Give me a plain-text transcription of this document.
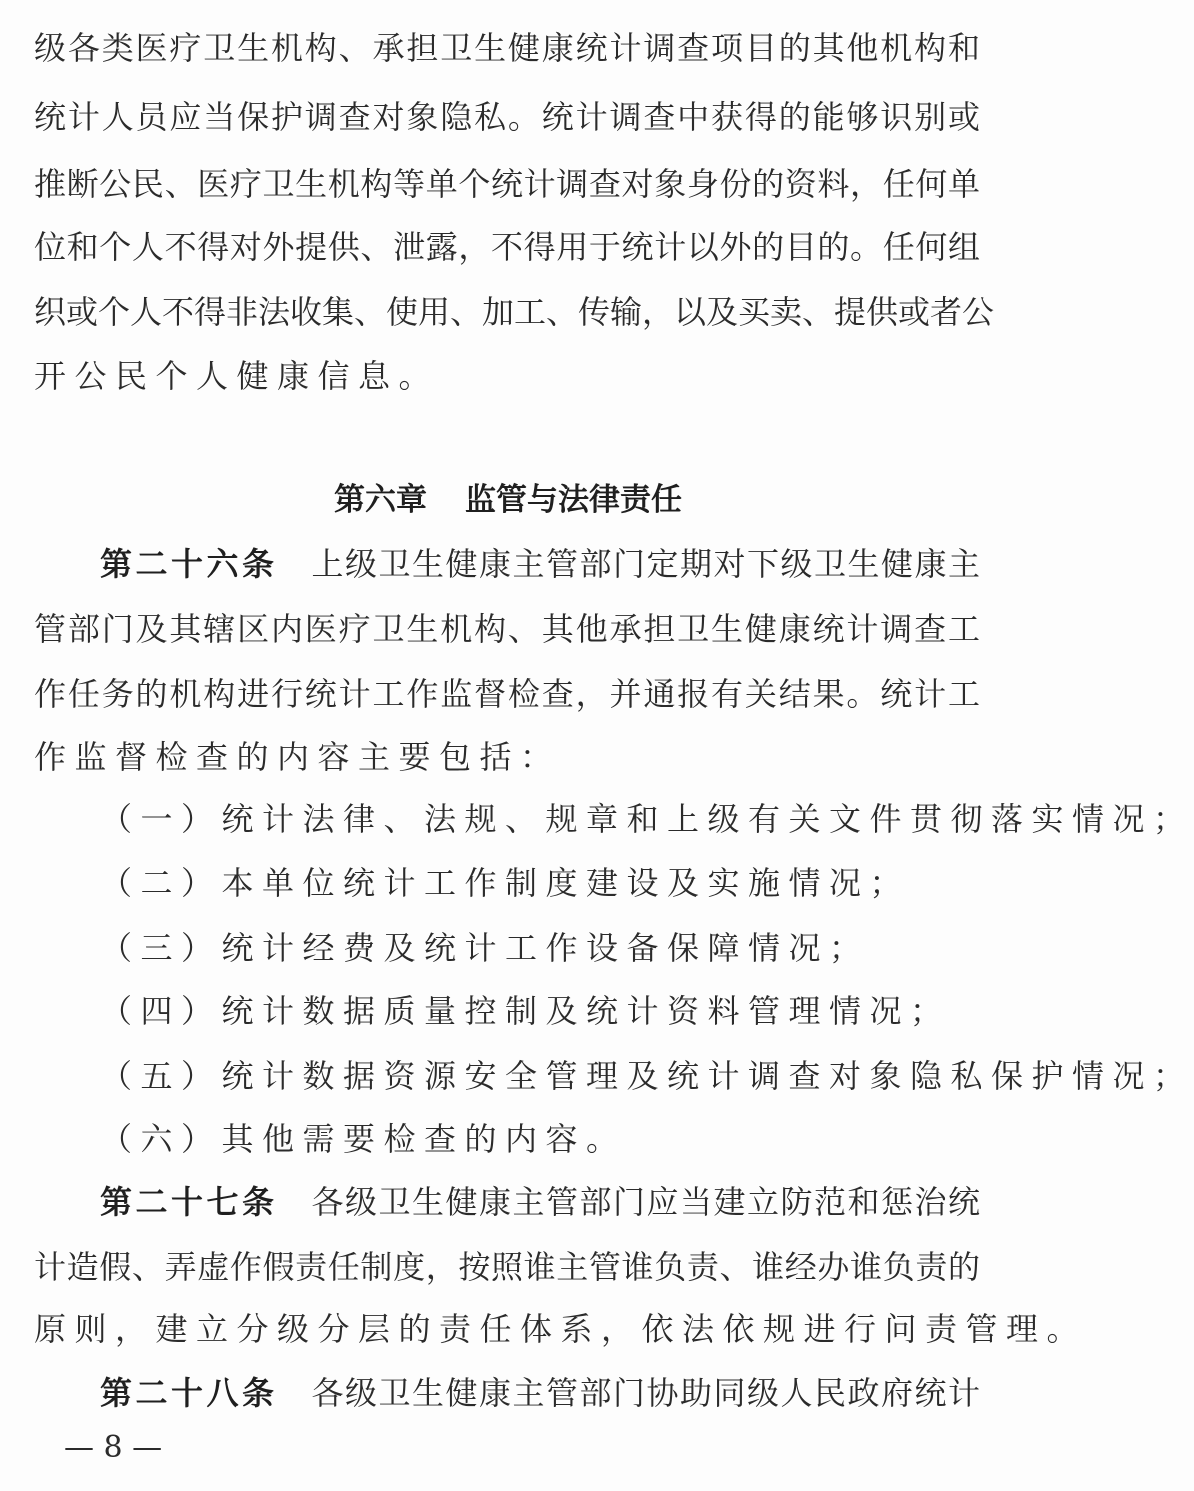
级各类医疗卫生机构、承担卫生健康统计调查项目的其他机构和
统计人员应当保护调查对象隐私。统计调查中获得的能够识别或
推断公民、医疗卫生机构等单个统计调查对象身份的资料，任何单
位和个人不得对外提供、泄露，不得用于统计以外的目的。任何组
织或个人不得非法收集、使用、加工、传输，以及买卖、提供或者公
开公民个人健康信息。
第六章 监管与法律责任
第二十六条 上级卫生健康主管部门定期对下级卫生健康主
管部门及其辖区内医疗卫生机构、其他承担卫生健康统计调查工
作任务的机构进行统计工作监督检查，并通报有关结果。统计工
作监督检查的内容主要包括：
（一）统计法律、法规、规章和上级有关文件贯彻落实情况；
（二）本单位统计工作制度建设及实施情况；
（三）统计经费及统计工作设备保障情况；
（四）统计数据质量控制及统计资料管理情况；
（五）统计数据资源安全管理及统计调查对象隐私保护情况；
（六）其他需要检查的内容。
第二十七条 各级卫生健康主管部门应当建立防范和惩治统
计造假、弄虚作假责任制度，按照谁主管谁负责、谁经办谁负责的
原则，建立分级分层的责任体系，依法依规进行问责管理。
第二十八条 各级卫生健康主管部门协助同级人民政府统计
— 8 —
